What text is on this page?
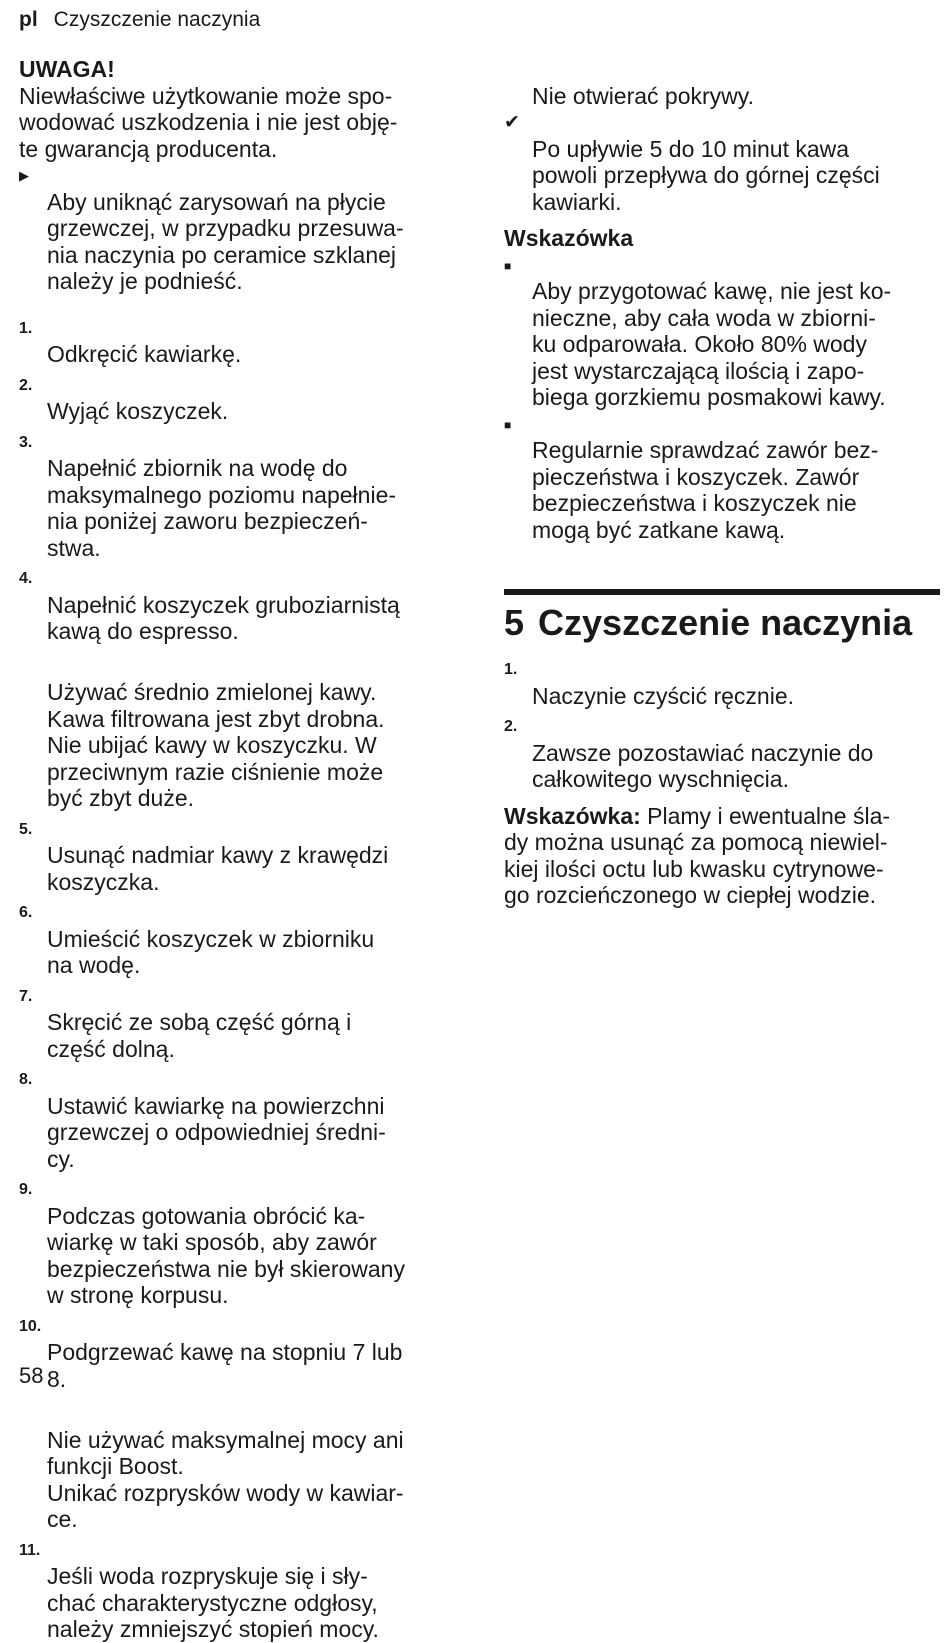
pl Czyszczenie naczynia
UWAGA!
Niewłaściwe użytkowanie może spo-
wodować uszkodzenia i nie jest obję-
te gwarancją producenta.

▶
Aby uniknąć zarysowań na płycie
grzewczej, w przypadku przesuwa-
nia naczynia po ceramice szklanej
należy je podnieść.

1.
Odkręcić kawiarkę.

2.
Wyjąć koszyczek.

3.
Napełnić zbiornik na wodę do
maksymalnego poziomu napełnie-
nia poniżej zaworu bezpieczeń-
stwa.

4.
Napełnić koszyczek gruboziarnistą
kawą do espresso.

Używać średnio zmielonej kawy.
Kawa filtrowana jest zbyt drobna.
Nie ubijać kawy w koszyczku. W
przeciwnym razie ciśnienie może
być zbyt duże.

5.
Usunąć nadmiar kawy z krawędzi
koszyczka.

6.
Umieścić koszyczek w zbiorniku
na wodę.

7.
Skręcić ze sobą część górną i
część dolną.

8.
Ustawić kawiarkę na powierzchni
grzewczej o odpowiedniej średni-
cy.

9.
Podczas gotowania obrócić ka-
wiarkę w taki sposób, aby zawór
bezpieczeństwa nie był skierowany
w stronę korpusu.

10.
Podgrzewać kawę na stopniu 7 lub
8.

Nie używać maksymalnej mocy ani
funkcji Boost.
Unikać rozprysków wody w kawiar-
ce.

11.
Jeśli woda rozpryskuje się i sły-
chać charakterystyczne odgłosy,
należy zmniejszyć stopień mocy.

Nie otwierać pokrywy.

✔
Po upływie 5 do 10 minut kawa
powoli przepływa do górnej części
kawiarki.

Wskazówka

■
Aby przygotować kawę, nie jest ko-
nieczne, aby cała woda w zbiorni-
ku odparowała. Około 80% wody
jest wystarczającą ilością i zapo-
biega gorzkiemu posmakowi kawy.

■
Regularnie sprawdzać zawór bez-
pieczeństwa i koszyczek. Zawór
bezpieczeństwa i koszyczek nie
mogą być zatkane kawą.

5 Czyszczenie naczynia

1.
Naczynie czyścić ręcznie.

2.
Zawsze pozostawiać naczynie do
całkowitego wyschnięcia.

Wskazówka: Plamy i ewentualne śla-
dy można usunąć za pomocą niewiel-
kiej ilości octu lub kwasku cytrynowe-
go rozcieńczonego w ciepłej wodzie.
58
